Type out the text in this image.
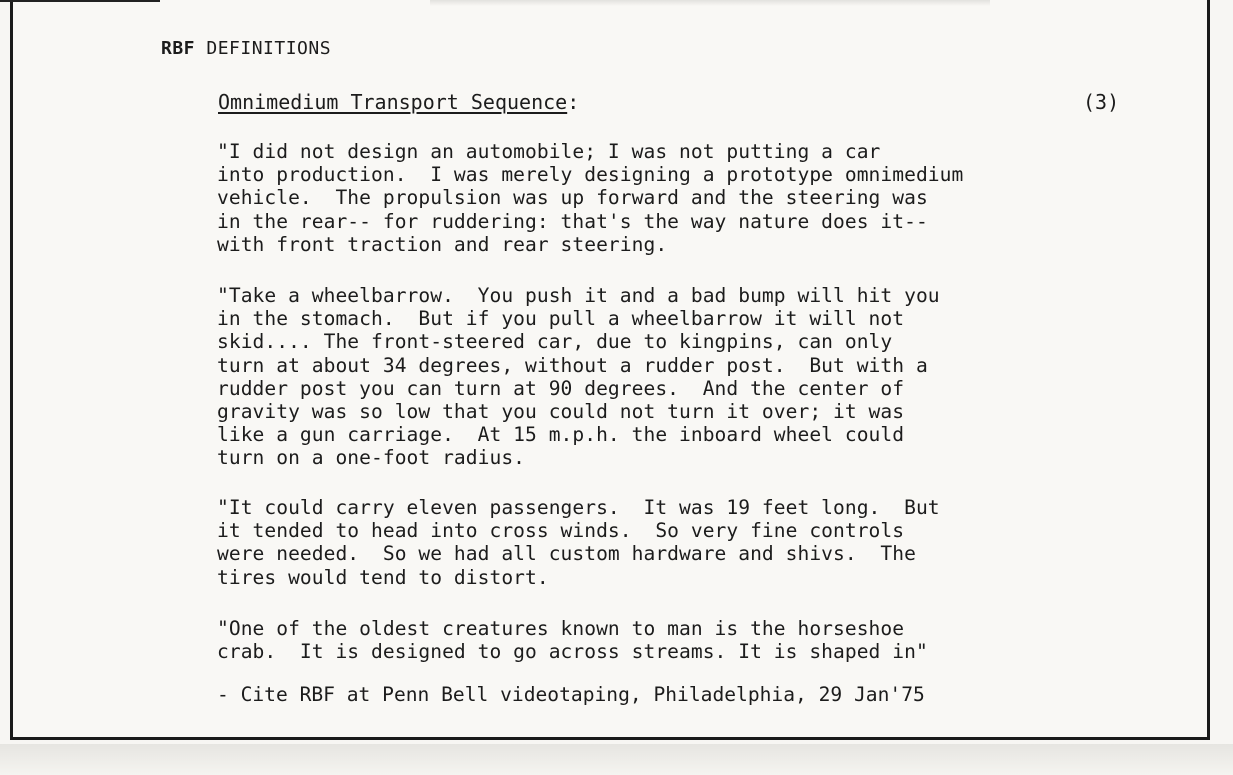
RBF DEFINITIONS
Omnimedium Transport Sequence:	(3)

"I did not design an automobile; I was not putting a car
into production.  I was merely designing a prototype omnimedium
vehicle.  The propulsion was up forward and the steering was
in the rear-- for ruddering: that's the way nature does it--
with front traction and rear steering.

"Take a wheelbarrow.  You push it and a bad bump will hit you
in the stomach.  But if you pull a wheelbarrow it will not
skid.... The front-steered car, due to kingpins, can only
turn at about 34 degrees, without a rudder post.  But with a
rudder post you can turn at 90 degrees.  And the center of
gravity was so low that you could not turn it over; it was
like a gun carriage.  At 15 m.p.h. the inboard wheel could
turn on a one-foot radius.

"It could carry eleven passengers.  It was 19 feet long.  But
it tended to head into cross winds.  So very fine controls
were needed.  So we had all custom hardware and shivs.  The
tires would tend to distort.

"One of the oldest creatures known to man is the horseshoe
crab.  It is designed to go across streams. It is shaped in"

- Cite RBF at Penn Bell videotaping, Philadelphia, 29 Jan'75
